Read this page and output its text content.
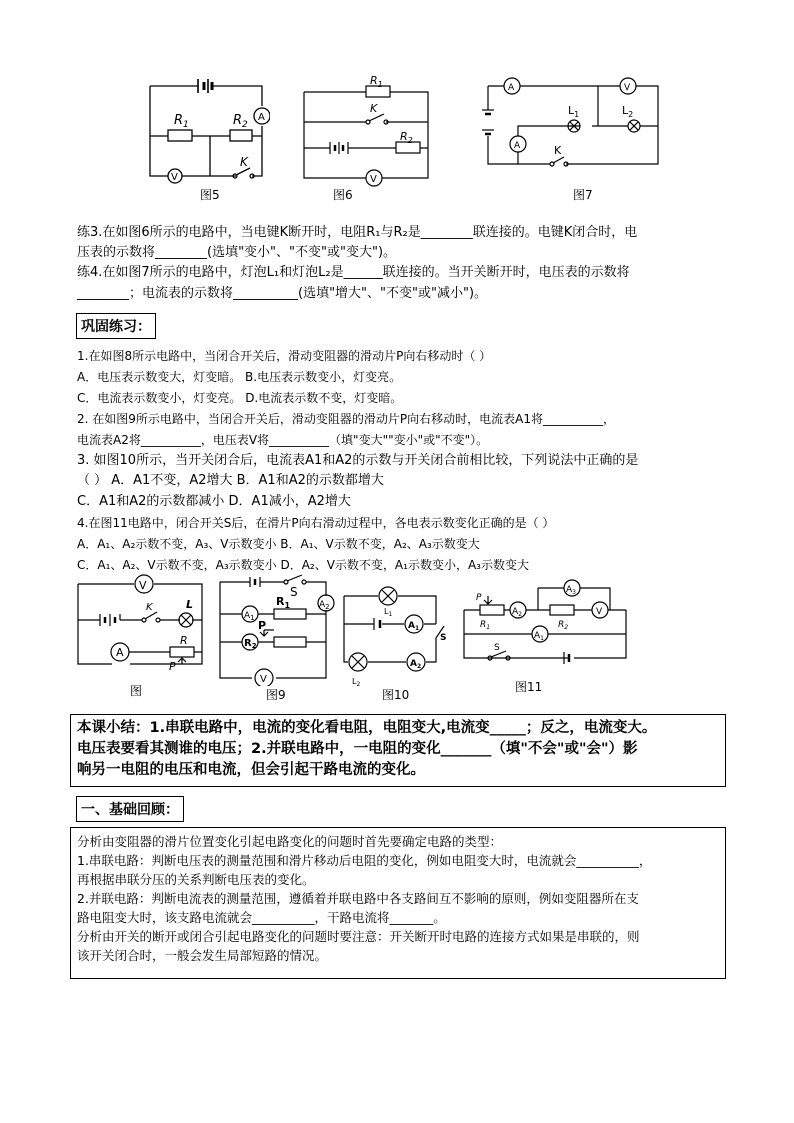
A
V
$R_1$	$R_2$
K
图5
$R_1$
$R_2$
K
V
图6
A	V
A
$L_1$	$L_2$
K
图7
练3.在如图6所示的电路中，当电键K断开时，电阻R₁与R₂是________联连接的。电键K闭合时，电
压表的示数将________(选填"变小"、"不变"或"变大")。
练4.在如图7所示的电路中，灯泡L₁和灯泡L₂是______联连接的。当开关断开时，电压表的示数将
________；电流表的示数将__________(选填"增大"、"不变"或"减小")。
巩固练习：
1.在如图8所示电路中，当闭合开关后，滑动变阻器的滑动片P向右移动时（ ）
A．电压表示数变大，灯变暗。 B.电压表示数变小，灯变亮。
C．电流表示数变小，灯变亮。 D.电流表示数不变，灯变暗。
2. 在如图9所示电路中，当闭合开关后，滑动变阻器的滑动片P向右移动时，电流表A1将__________，
电流表A2将__________，电压表V将__________（填"变大""变小"或"不变"）。
3. 如图10所示，当开关闭合后，电流表A1和A2的示数与开关闭合前相比较，下列说法中正确的是
（ ） A．A1不变，A2增大 B．A1和A2的示数都增大
C．A1和A2的示数都减小 D．A1减小，A2增大
4.在图11电路中，闭合开关S后，在滑片P向右滑动过程中，各电表示数变化正确的是（ ）
A．A₁、A₂示数不变，A₃、V示数变小 B．A₁、V示数不变，A₂、A₃示数变大
C．A₁、A₂、V示数不变，A₃示数变小 D．A₂、V示数不变，A₁示数变小，A₃示数变大
V
K	L
A
R
P
图
S
$A_2$
$A_1$
$R_1$
$R_2$
P
V
图9
$L_1$
$A_1$
S
$A_2$
$L_2$
图10
P
$R_1$	$R_2$
$A_2$
$A_3$
$A_1$
V
S
图11
本课小结：1.串联电路中，电流的变化看电阻，电阻变大,电流变_____；反之，电流变大。
电压表要看其测谁的电压；2.并联电路中，一电阻的变化_______（填"不会"或"会"）影
响另一电阻的电压和电流，但会引起干路电流的变化。
一、基础回顾：
分析由变阻器的滑片位置变化引起电路变化的问题时首先要确定电路的类型：
1.串联电路：判断电压表的测量范围和滑片移动后电阻的变化，例如电阻变大时，电流就会__________，
再根据串联分压的关系判断电压表的变化。
2.并联电路：判断电流表的测量范围，遵循着并联电路中各支路间互不影响的原则，例如变阻器所在支
路电阻变大时，该支路电流就会__________，干路电流将_______。
分析由开关的断开或闭合引起电路变化的问题时要注意：开关断开时电路的连接方式如果是串联的，则
该开关闭合时，一般会发生局部短路的情况。
